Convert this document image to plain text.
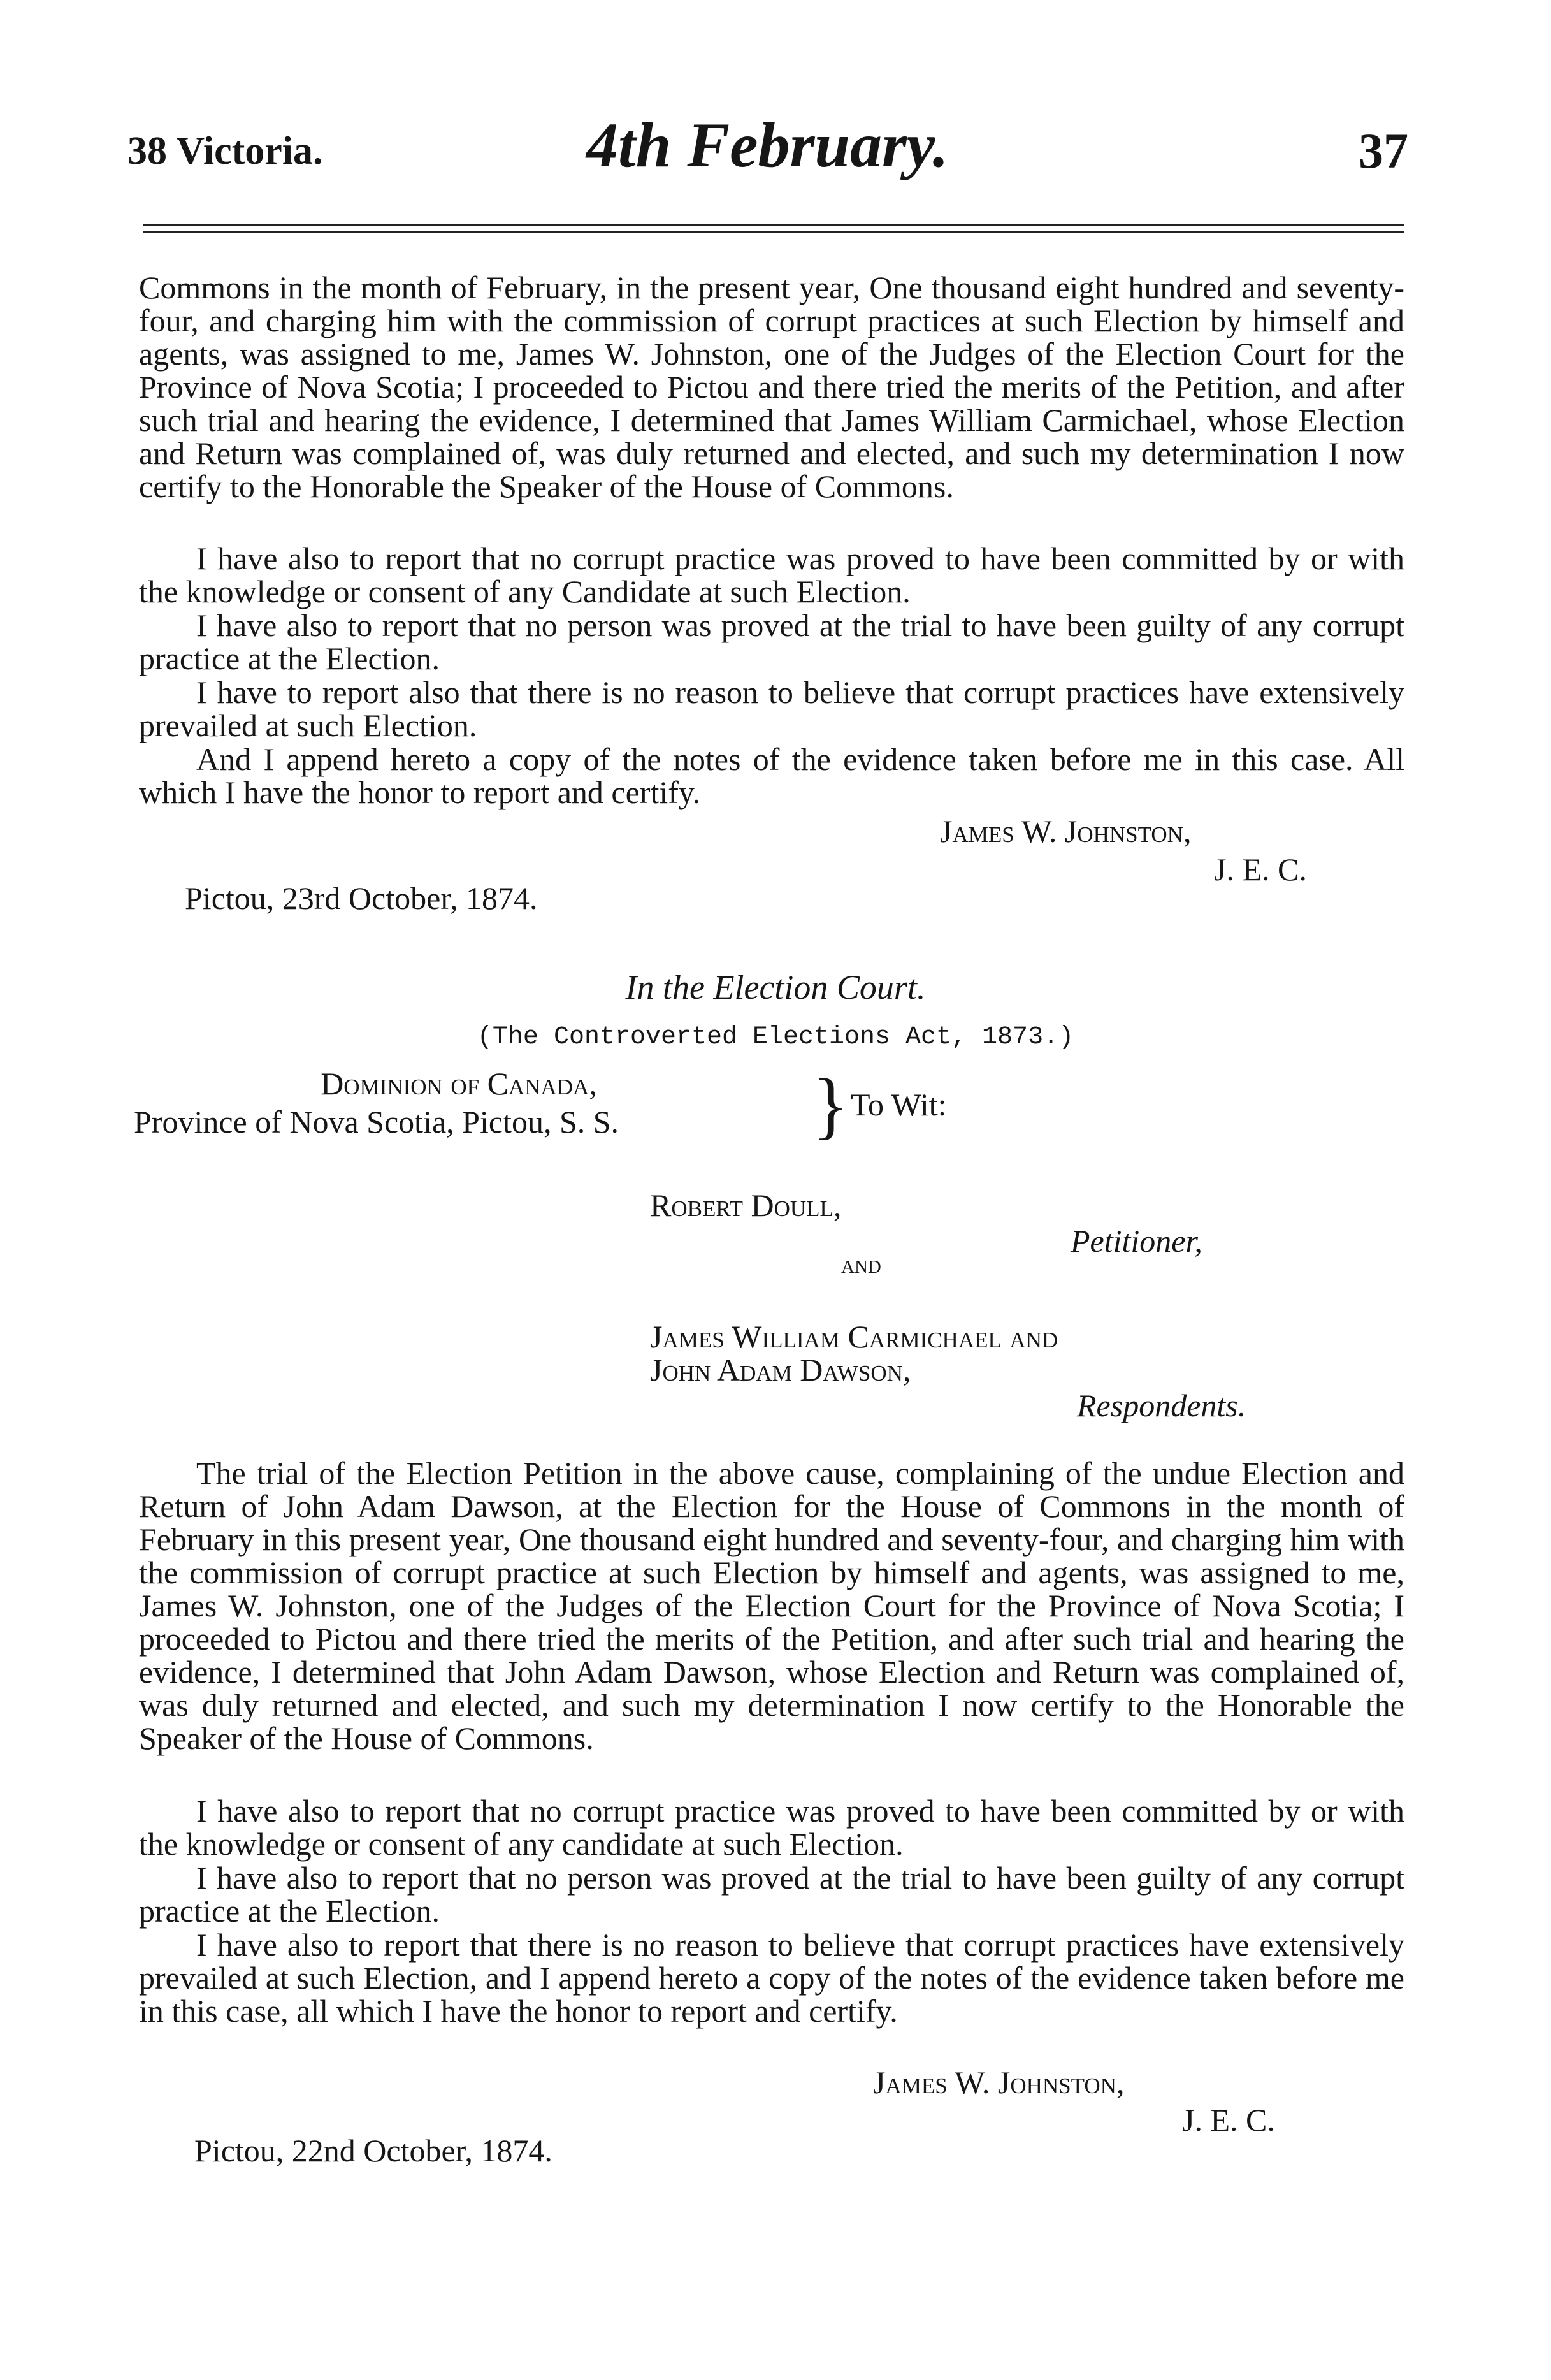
38 Victoria.	4th February.	37

Commons in the month of February, in the present year, One thousand eight hundred and seventy-four, and charging him with the commission of corrupt practices at such Election by himself and agents, was assigned to me, James W. Johnston, one of the Judges of the Election Court for the Province of Nova Scotia; I proceeded to Pictou and there tried the merits of the Petition, and after such trial and hearing the evidence, I determined that James William Carmichael, whose Election and Return was complained of, was duly returned and elected, and such my determination I now certify to the Honorable the Speaker of the House of Commons.

I have also to report that no corrupt practice was proved to have been committed by or with the knowledge or consent of any Candidate at such Election.

I have also to report that no person was proved at the trial to have been guilty of any corrupt practice at the Election.

I have to report also that there is no reason to believe that corrupt practices have extensively prevailed at such Election.

And I append hereto a copy of the notes of the evidence taken before me in this case. All which I have the honor to report and certify.

James W. Johnston,
J. E. C.
Pictou, 23rd October, 1874.
In the Election Court.
(The Controverted Elections Act, 1873.)
Dominion of Canada,
Province of Nova Scotia, Pictou, S. S.	} To Wit:
Robert Doull,
Petitioner,
and
James William Carmichael and
John Adam Dawson,
Respondents.

The trial of the Election Petition in the above cause, complaining of the undue Election and Return of John Adam Dawson, at the Election for the House of Commons in the month of February in this present year, One thousand eight hundred and seventy-four, and charging him with the commission of corrupt practice at such Election by himself and agents, was assigned to me, James W. Johnston, one of the Judges of the Election Court for the Province of Nova Scotia; I proceeded to Pictou and there tried the merits of the Petition, and after such trial and hearing the evidence, I determined that John Adam Dawson, whose Election and Return was complained of, was duly returned and elected, and such my determination I now certify to the Honorable the Speaker of the House of Commons.

I have also to report that no corrupt practice was proved to have been committed by or with the knowledge or consent of any candidate at such Election.

I have also to report that no person was proved at the trial to have been guilty of any corrupt practice at the Election.

I have also to report that there is no reason to believe that corrupt practices have extensively prevailed at such Election, and I append hereto a copy of the notes of the evidence taken before me in this case, all which I have the honor to report and certify.

James W. Johnston,
J. E. C.
Pictou, 22nd October, 1874.
